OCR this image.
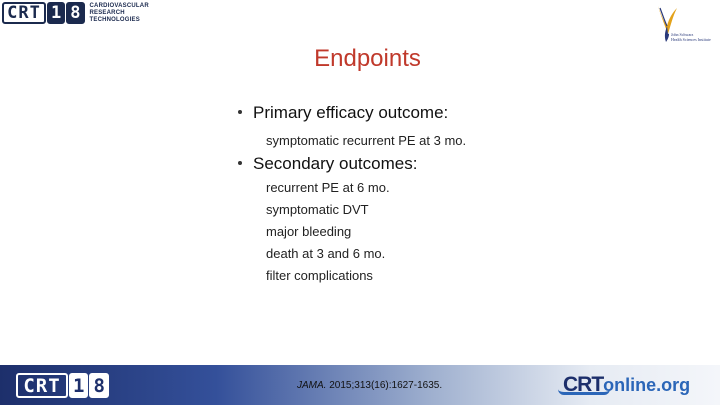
CRT 1 8	CARDIOVASCULAR
RESEARCH
TECHNOLOGIES
John Schwarz
Health Sciences Institute
Endpoints
Primary efficacy outcome:
symptomatic recurrent PE at 3 mo.
Secondary outcomes:
recurrent PE at 6 mo.
symptomatic DVT
major bleeding
death at 3 and 6 mo.
filter complications
CRT 1 8	JAMA. 2015;313(16):1627-1635.	CRT online.org
